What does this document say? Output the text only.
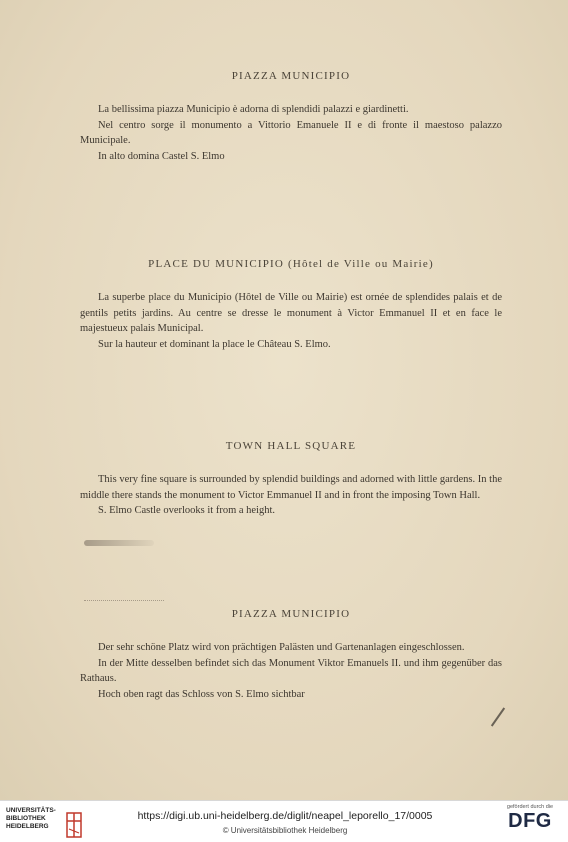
PIAZZA MUNICIPIO

La bellissima piazza Municipio è adorna di splendidi palazzi e giardinetti.

Nel centro sorge il monumento a Vittorio Emanuele II e di fronte il maestoso palazzo Municipale.

In alto domina Castel S. Elmo

PLACE DU MUNICIPIO (Hôtel de Ville ou Mairie)

La superbe place du Municipio (Hôtel de Ville ou Mairie) est ornée de splendides palais et de gentils petits jardins. Au centre se dresse le monument à Victor Emmanuel II et en face le majestueux palais Municipal.

Sur la hauteur et dominant la place le Château S. Elmo.

TOWN HALL SQUARE

This very fine square is surrounded by splendid buildings and adorned with little gardens. In the middle there stands the monument to Victor Emmanuel II and in front the imposing Town Hall.

S. Elmo Castle overlooks it from a height.

PIAZZA MUNICIPIO

Der sehr schöne Platz wird von prächtigen Palästen und Gartenanlagen eingeschlossen.

In der Mitte desselben befindet sich das Monument Viktor Emanuels II. und ihm gegenüber das Rathaus.

Hoch oben ragt das Schloss von S. Elmo sichtbar

UNIVERSITÄTS-
BIBLIOTHEK
HEIDELBERG
https://digi.ub.uni-heidelberg.de/diglit/neapel_leporello_17/0005
© Universitätsbibliothek Heidelberg
gefördert durch die
DFG
